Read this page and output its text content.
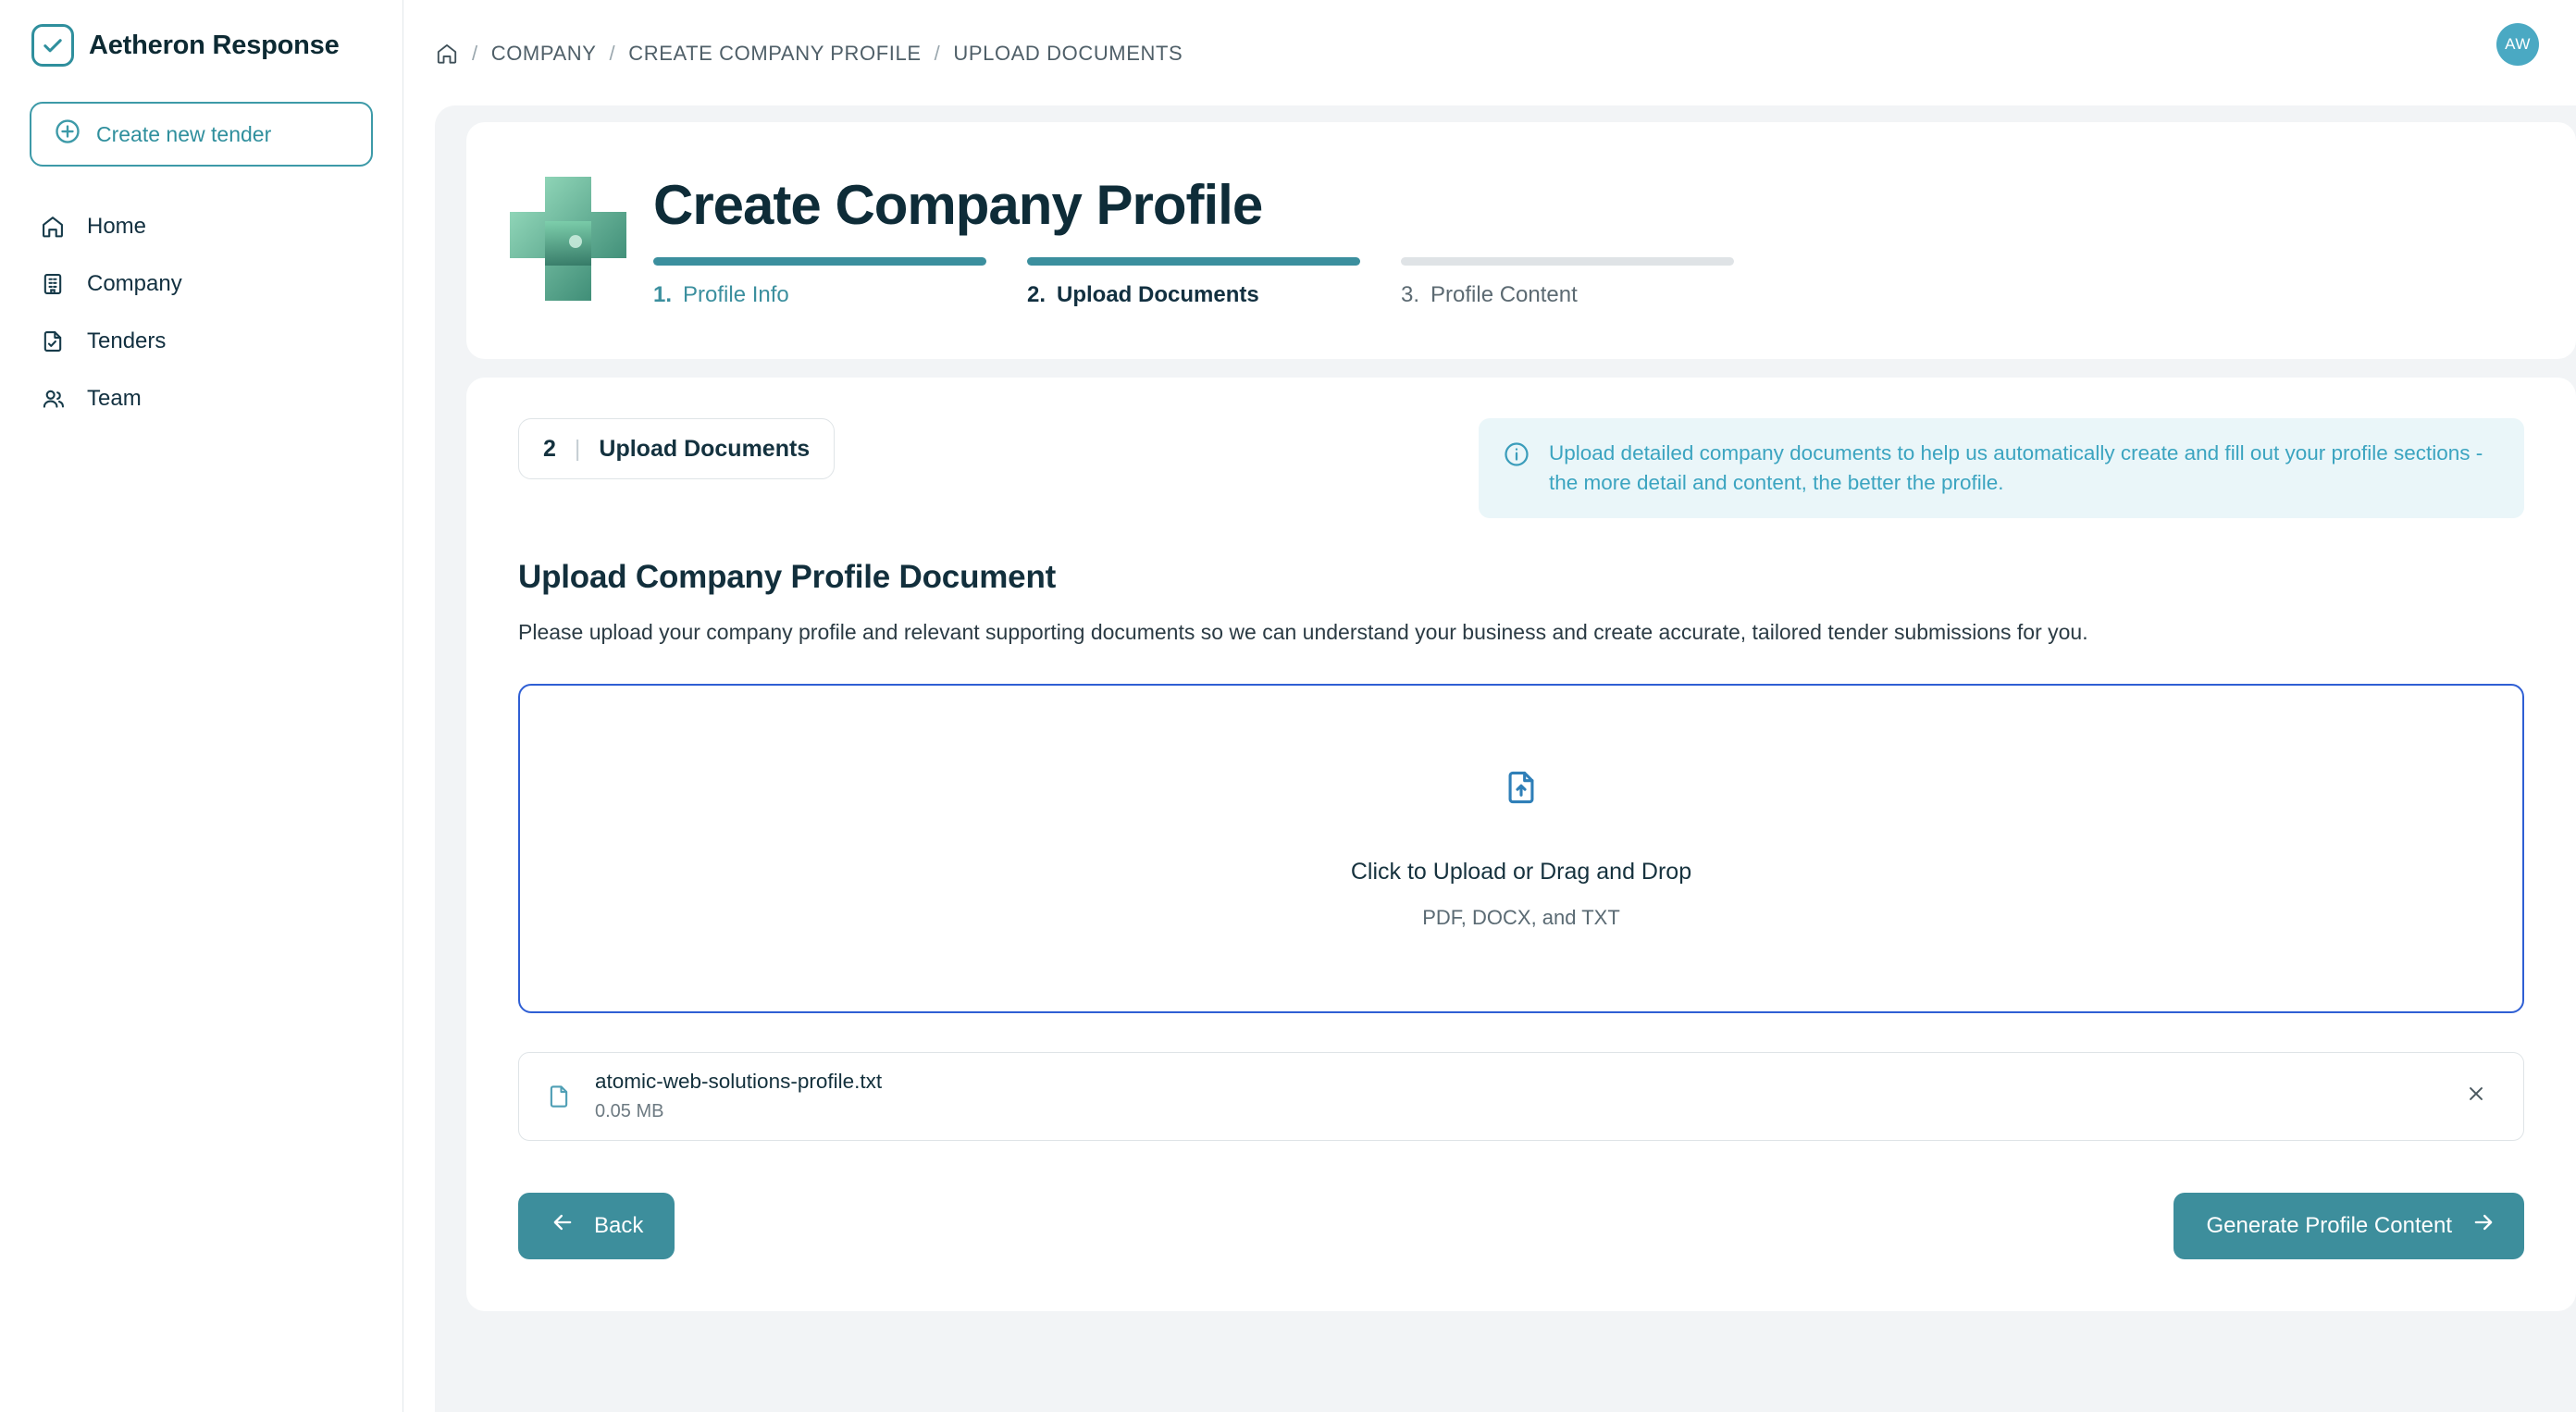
Aetheron Response
Create new tender
Home
Company
Tenders
Team
AW
/ COMPANY / CREATE COMPANY PROFILE / UPLOAD DOCUMENTS
Create Company Profile
1. Profile Info	2. Upload Documents	3. Profile Content
2 | Upload Documents	Upload detailed company documents to help us automatically create and fill out your profile sections - the more detail and content, the better the profile.
Upload Company Profile Document
Please upload your company profile and relevant supporting documents so we can understand your business and create accurate, tailored tender submissions for you.
Click to Upload or Drag and Drop
PDF, DOCX, and TXT
atomic-web-solutions-profile.txt
0.05 MB
Back	Generate Profile Content
